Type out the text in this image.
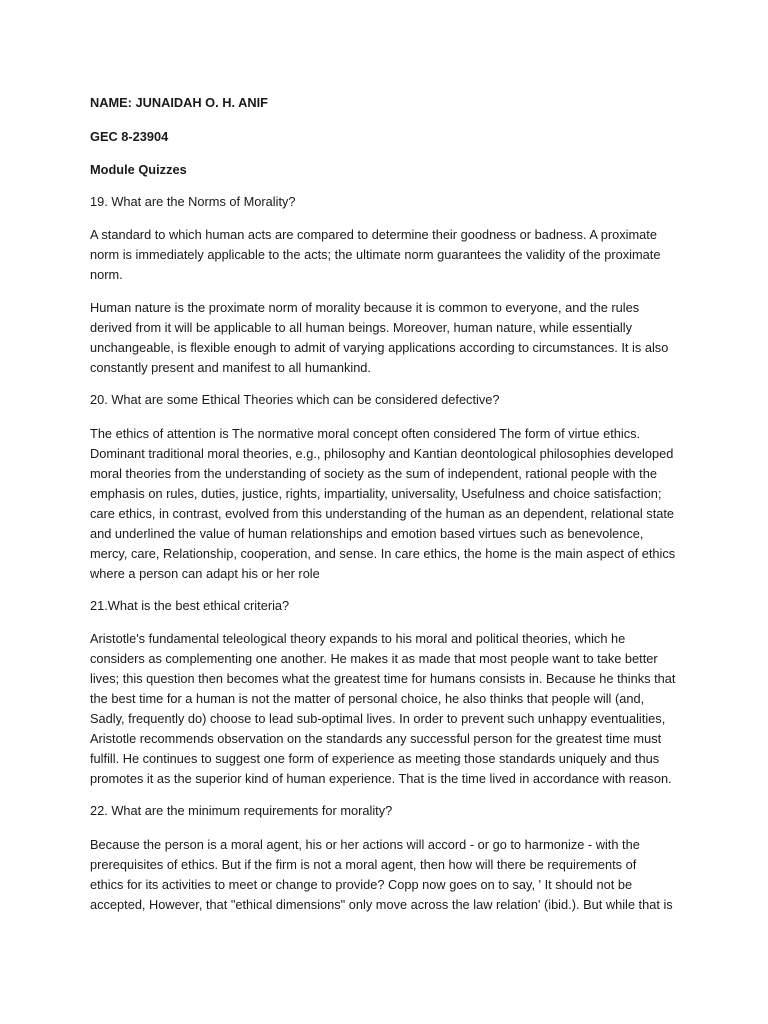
NAME: JUNAIDAH O. H. ANIF
GEC 8-23904
Module Quizzes
19. What are the Norms of Morality?
A standard to which human acts are compared to determine their goodness or badness. A proximate
norm is immediately applicable to the acts; the ultimate norm guarantees the validity of the proximate
norm.
Human nature is the proximate norm of morality because it is common to everyone, and the rules
derived from it will be applicable to all human beings. Moreover, human nature, while essentially
unchangeable, is flexible enough to admit of varying applications according to circumstances. It is also
constantly present and manifest to all humankind.
20. What are some Ethical Theories which can be considered defective?
The ethics of attention is The normative moral concept often considered The form of virtue ethics.
Dominant traditional moral theories, e.g., philosophy and Kantian deontological philosophies developed
moral theories from the understanding of society as the sum of independent, rational people with the
emphasis on rules, duties, justice, rights, impartiality, universality, Usefulness and choice satisfaction;
care ethics, in contrast, evolved from this understanding of the human as an dependent, relational state
and underlined the value of human relationships and emotion based virtues such as benevolence,
mercy, care, Relationship, cooperation, and sense. In care ethics, the home is the main aspect of ethics
where a person can adapt his or her role
21.What is the best ethical criteria?
Aristotle's fundamental teleological theory expands to his moral and political theories, which he
considers as complementing one another. He makes it as made that most people want to take better
lives; this question then becomes what the greatest time for humans consists in. Because he thinks that
the best time for a human is not the matter of personal choice, he also thinks that people will (and,
Sadly, frequently do) choose to lead sub-optimal lives. In order to prevent such unhappy eventualities,
Aristotle recommends observation on the standards any successful person for the greatest time must
fulfill. He continues to suggest one form of experience as meeting those standards uniquely and thus
promotes it as the superior kind of human experience. That is the time lived in accordance with reason.
22. What are the minimum requirements for morality?
Because the person is a moral agent, his or her actions will accord - or go to harmonize - with the
prerequisites of ethics. But if the firm is not a moral agent, then how will there be requirements of
ethics for its activities to meet or change to provide? Copp now goes on to say, ' It should not be
accepted, However, that "ethical dimensions" only move across the law relation' (ibid.). But while that is
